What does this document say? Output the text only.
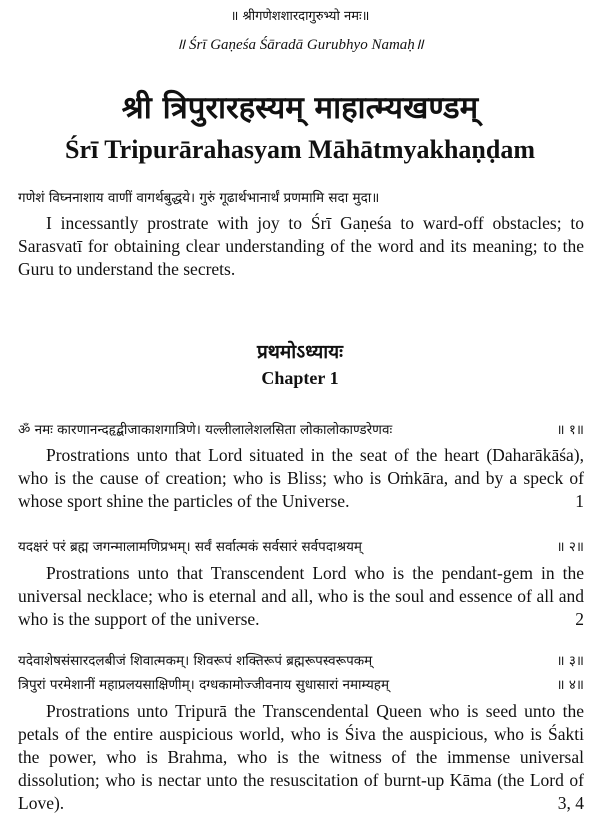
॥ श्रीगणेशशारदागुरुभ्यो नमः॥
॥ Śrī Gaṇeśa Śāradā Gurubhyo Namaḥ॥
श्री त्रिपुरारहस्यम् माहात्म्यखण्डम्
Śrī Tripurārahasyam Māhātmyakhaṇḍam
गणेशं विघ्ननाशाय वाणीं वागर्थबुद्धये। गुरुं गूढार्थभानार्थं प्रणमामि सदा मुदा॥
I incessantly prostrate with joy to Śrī Gaṇeśa to ward-off obstacles; to Sarasvatī for obtaining clear understanding of the word and its meaning; to the Guru to understand the secrets.
प्रथमोऽध्यायः
Chapter 1
ॐ नमः कारणानन्दहृद्बीजाकाशगात्रिणे। यल्लीलालेशलसिता लोकालोकाण्डरेणवः	॥ १॥
Prostrations unto that Lord situated in the seat of the heart (Daharākāśa), who is the cause of creation; who is Bliss; who is Oṁkāra, and by a speck of whose sport shine the particles of the Universe.	1
यदक्षरं परं ब्रह्म जगन्मालामणिप्रभम्। सर्वं सर्वात्मकं सर्वसारं सर्वपदाश्रयम्	॥ २॥
Prostrations unto that Transcendent Lord who is the pendant-gem in the universal necklace; who is eternal and all, who is the soul and essence of all and who is the support of the universe.	2
यदेवाशेषसंसारदलबीजं शिवात्मकम्। शिवरूपं शक्तिरूपं ब्रह्मरूपस्वरूपकम्	॥ ३॥
त्रिपुरां परमेशानीं महाप्रलयसाक्षिणीम्। दग्धकामोज्जीवनाय सुधासारां नमाम्यहम्	॥ ४॥
Prostrations unto Tripurā the Transcendental Queen who is seed unto the petals of the entire auspicious world, who is Śiva the auspicious, who is Śakti the power, who is Brahma, who is the witness of the immense universal dissolution; who is nectar unto the resuscitation of burnt-up Kāma (the Lord of Love).	3, 4
